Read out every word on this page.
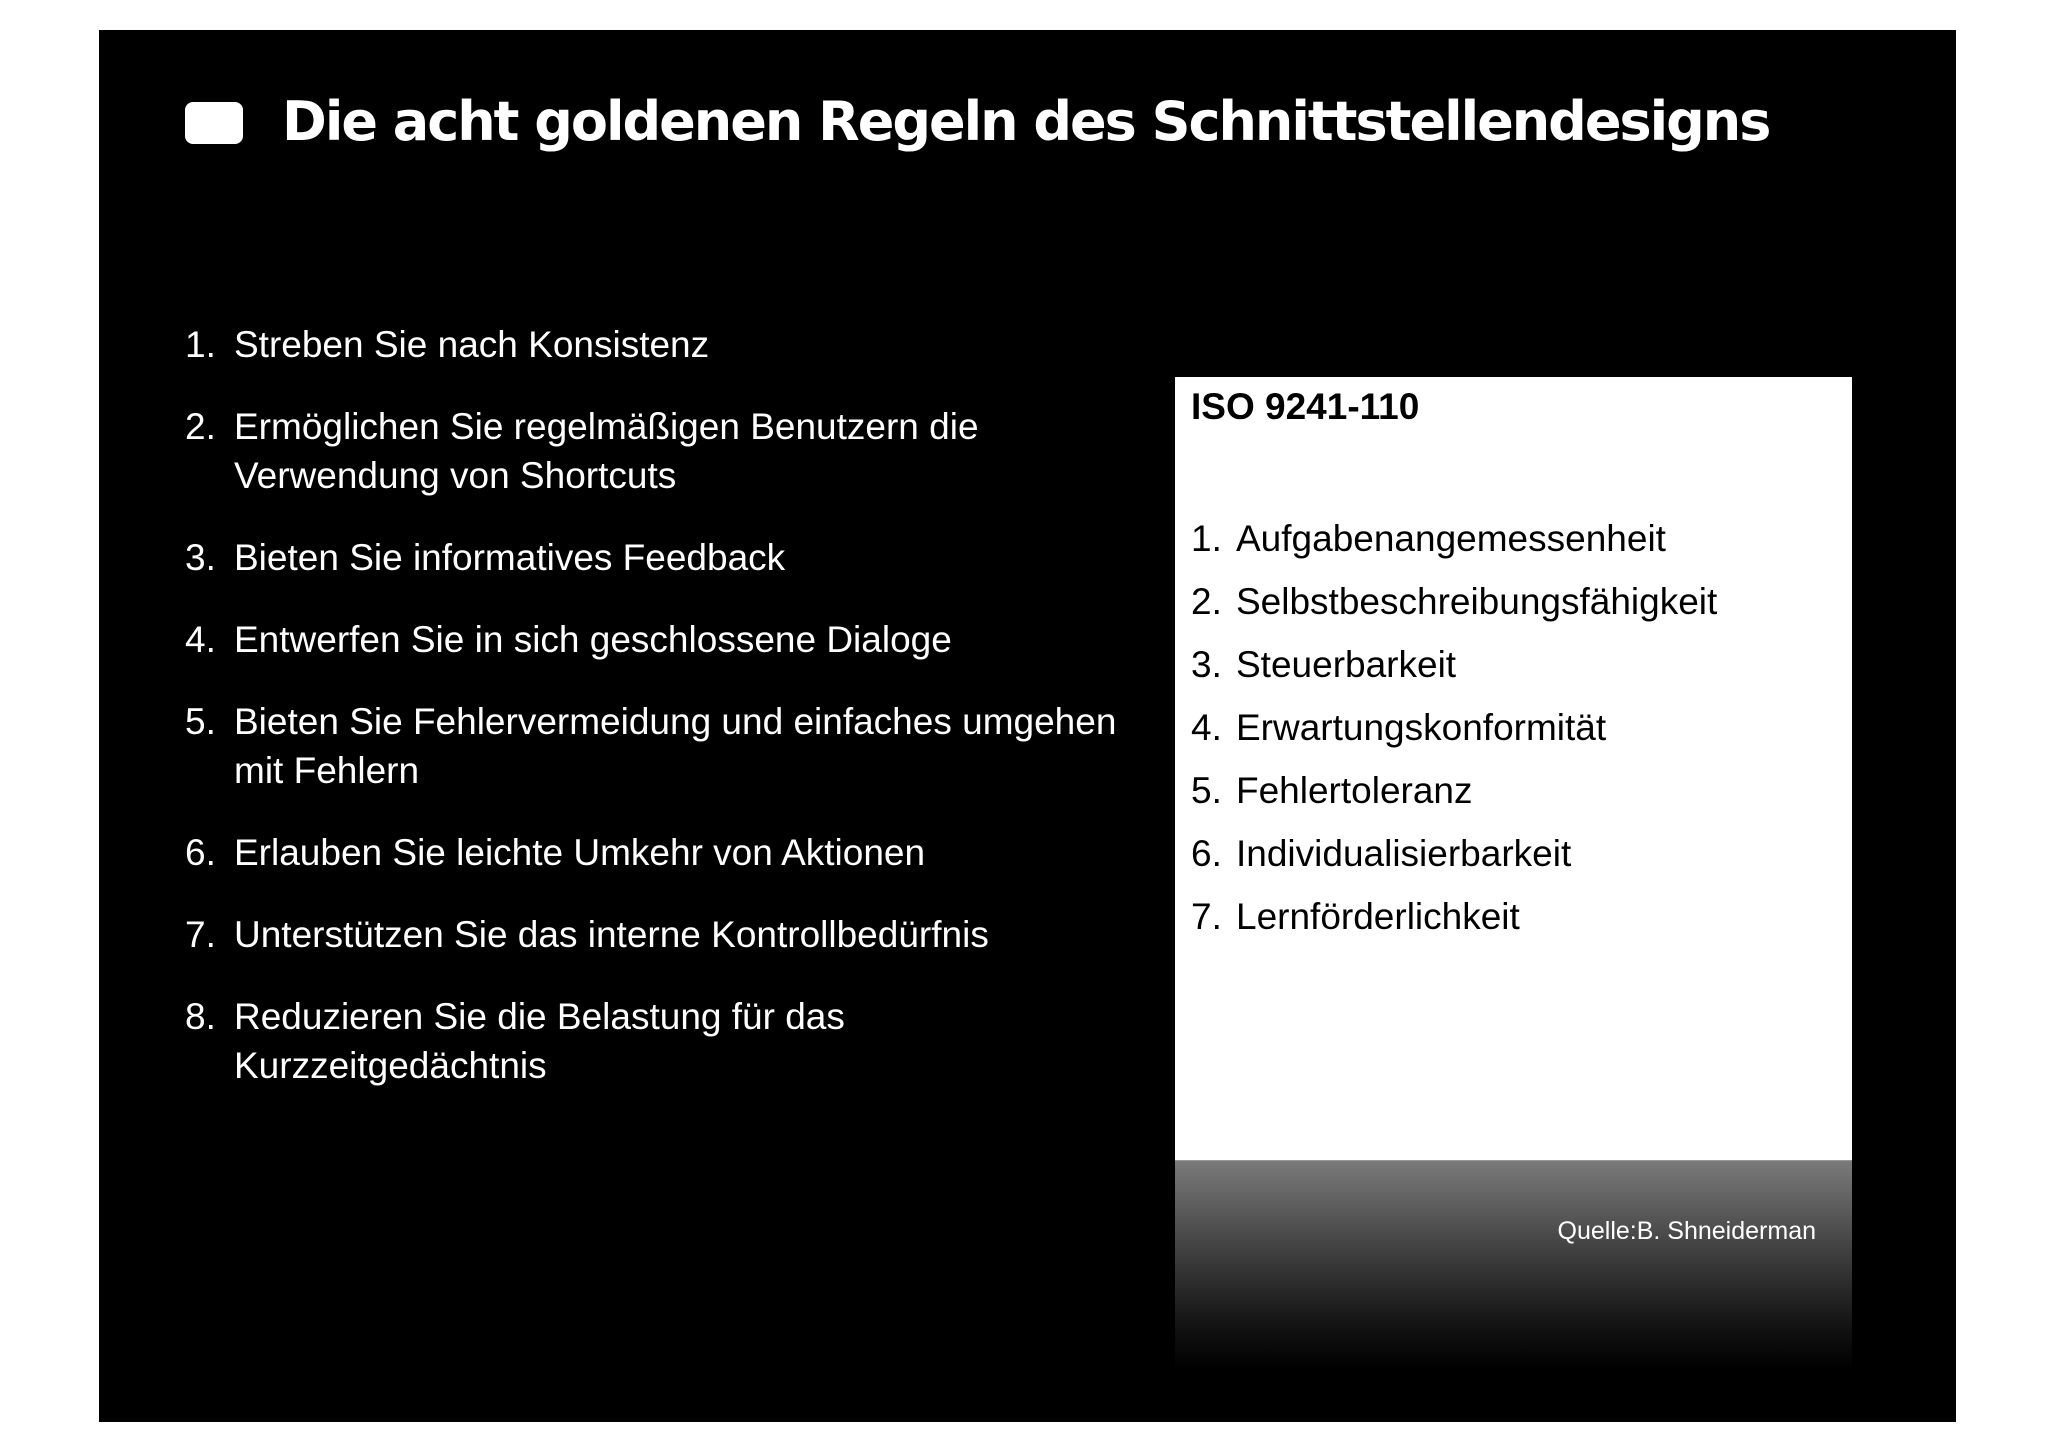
Die acht goldenen Regeln des Schnittstellendesigns
1. Streben Sie nach Konsistenz
2. Ermöglichen Sie regelmäßigen Benutzern die Verwendung von Shortcuts
3. Bieten Sie informatives Feedback
4. Entwerfen Sie in sich geschlossene Dialoge
5. Bieten Sie Fehlervermeidung und einfaches umgehen mit Fehlern
6. Erlauben Sie leichte Umkehr von Aktionen
7. Unterstützen Sie das interne Kontrollbedürfnis
8. Reduzieren Sie die Belastung für das Kurzzeitgedächtnis
ISO 9241-110
1. Aufgabenangemessenheit
2. Selbstbeschreibungsfähigkeit
3. Steuerbarkeit
4. Erwartungskonformität
5. Fehlertoleranz
6. Individualisierbarkeit
7. Lernförderlichkeit

Quelle:B. Shneiderman
